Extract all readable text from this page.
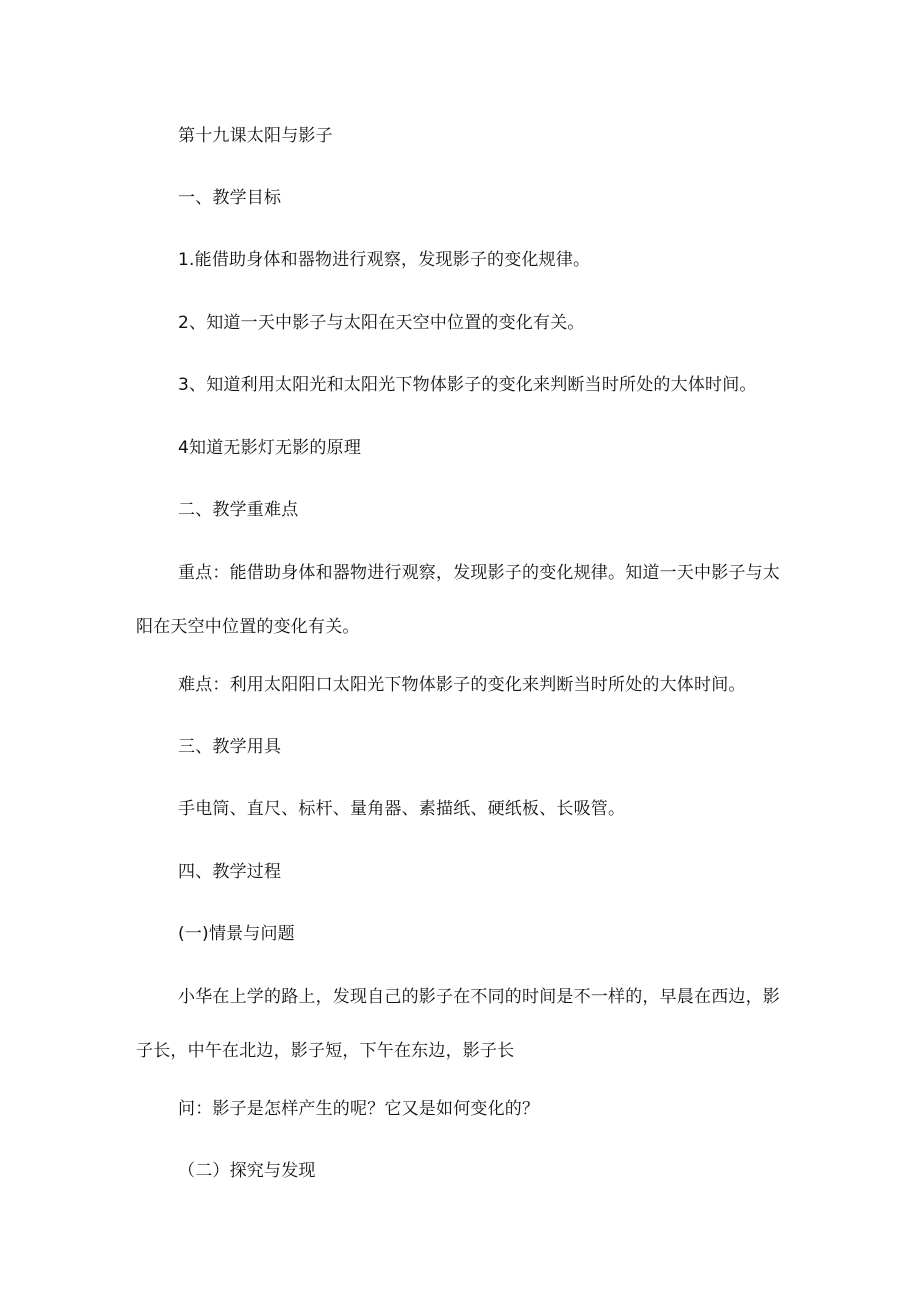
第十九课太阳与影子
一、教学目标
1.能借助身体和器物进行观察，发现影子的变化规律。
2、知道一天中影子与太阳在天空中位置的变化有关。
3、知道利用太阳光和太阳光下物体影子的变化来判断当时所处的大体时间。
4知道无影灯无影的原理
二、教学重难点
重点：能借助身体和器物进行观察，发现影子的变化规律。知道一天中影子与太
阳在天空中位置的变化有关。
难点：利用太阳阳口太阳光下物体影子的变化来判断当时所处的大体时间。
三、教学用具
手电筒、直尺、标杆、量角器、素描纸、硬纸板、长吸管。
四、教学过程
(一)情景与问题
小华在上学的路上，发现自己的影子在不同的时间是不一样的，早晨在西边，影
子长，中午在北边，影子短，下午在东边，影子长
问：影子是怎样产生的呢？它又是如何变化的？
（二）探究与发现
